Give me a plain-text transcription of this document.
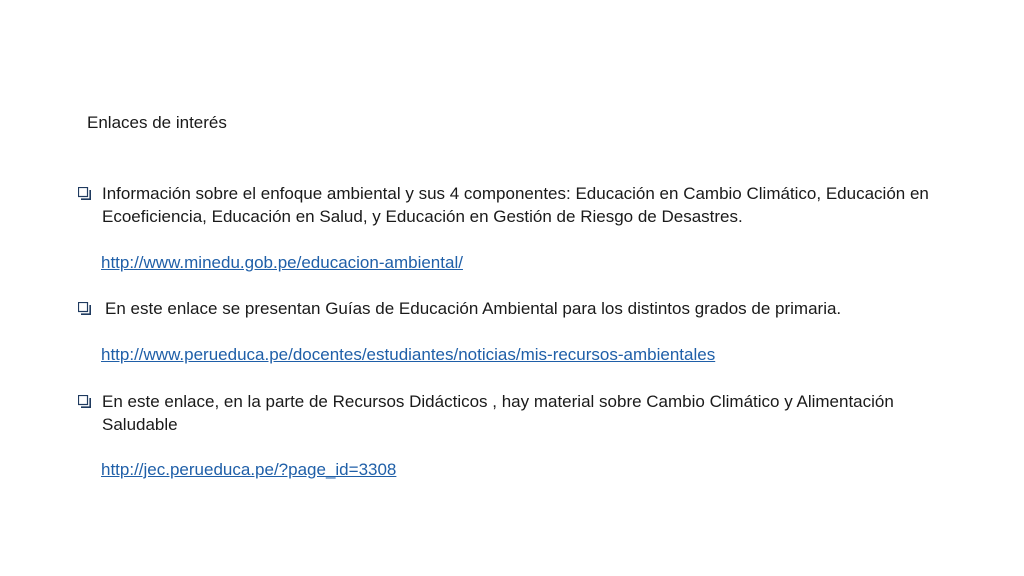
Enlaces de interés
Información sobre el enfoque ambiental y sus 4 componentes: Educación en Cambio Climático, Educación en Ecoeficiencia, Educación en Salud, y Educación en Gestión de Riesgo de Desastres.
http://www.minedu.gob.pe/educacion-ambiental/
En este enlace se presentan Guías de Educación Ambiental para los distintos grados de primaria.
http://www.perueduca.pe/docentes/estudiantes/noticias/mis-recursos-ambientales
En este enlace, en la parte de Recursos Didácticos , hay material sobre Cambio Climático y Alimentación Saludable
http://jec.perueduca.pe/?page_id=3308
